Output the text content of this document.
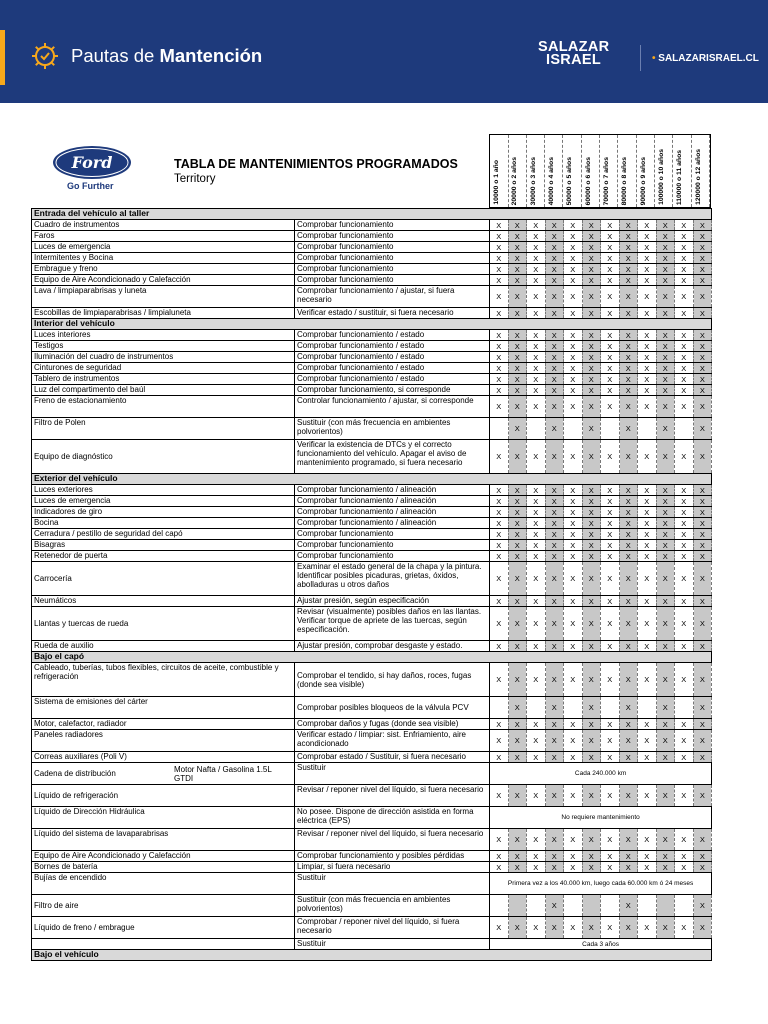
Pautas de Mantención	SALAZAR
ISRAEL	• SALAZARISRAEL.CL
Ford
Go Further
TABLA DE MANTENIMIENTOS PROGRAMADOS
Territory	10000 o 1 año 20000 o 2 años 30000 o 3 años 40000 o 4 años 50000 o 5 años 60000 o 6 años 70000 o 7 años 80000 o 8 años 90000 o 9 años 100000 o 10 años 110000 o 11 años 120000 o 12 años
Entrada del vehículo al taller													
Cuadro de instrumentos	Comprobar funcionamiento	X	X	X	X	X	X	X	X	X	X	X	X
Faros	Comprobar funcionamiento	X	X	X	X	X	X	X	X	X	X	X	X
Luces de emergencia	Comprobar funcionamiento	X	X	X	X	X	X	X	X	X	X	X	X
Intermitentes y Bocina	Comprobar funcionamiento	X	X	X	X	X	X	X	X	X	X	X	X
Embrague y freno	Comprobar funcionamiento	X	X	X	X	X	X	X	X	X	X	X	X
Equipo de Aire Acondicionado y Calefacción	Comprobar funcionamiento	X	X	X	X	X	X	X	X	X	X	X	X
Lava / limpiaparabrisas y luneta	Comprobar funcionamiento / ajustar, si fuera necesario	X	X	X	X	X	X	X	X	X	X	X	X
Escobillas de limpiaparabrisas / limpialuneta	Verificar estado / sustituir, si fuera necesario	X	X	X	X	X	X	X	X	X	X	X	X
Interior del vehículo													
Luces interiores	Comprobar funcionamiento / estado	X	X	X	X	X	X	X	X	X	X	X	X
Testigos	Comprobar funcionamiento / estado	X	X	X	X	X	X	X	X	X	X	X	X
Iluminación del cuadro de instrumentos	Comprobar funcionamiento / estado	X	X	X	X	X	X	X	X	X	X	X	X
Cinturones de seguridad	Comprobar funcionamiento / estado	X	X	X	X	X	X	X	X	X	X	X	X
Tablero de instrumentos	Comprobar funcionamiento / estado	X	X	X	X	X	X	X	X	X	X	X	X
Luz del compartimento del baúl	Comprobar funcionamiento, si corresponde	X	X	X	X	X	X	X	X	X	X	X	X
Freno de estacionamiento	Controlar funcionamiento / ajustar, si corresponde	X	X	X	X	X	X	X	X	X	X	X	X
Filtro de Polen	Sustituir (con más frecuencia en ambientes polvorientos)		X		X		X		X		X		X
Equipo de diagnóstico	Verificar la existencia de DTCs y el correcto funcionamiento del vehículo. Apagar el aviso de mantenimiento programado, si fuera necesario	X	X	X	X	X	X	X	X	X	X	X	X
Exterior del vehículo													
Luces exteriores	Comprobar funcionamiento / alineación	X	X	X	X	X	X	X	X	X	X	X	X
Luces de emergencia	Comprobar funcionamiento / alineación	X	X	X	X	X	X	X	X	X	X	X	X
Indicadores de giro	Comprobar funcionamiento / alineación	X	X	X	X	X	X	X	X	X	X	X	X
Bocina	Comprobar funcionamiento / alineación	X	X	X	X	X	X	X	X	X	X	X	X
Cerradura / pestillo de seguridad del capó	Comprobar funcionamiento	X	X	X	X	X	X	X	X	X	X	X	X
Bisagras	Comprobar funcionamiento	X	X	X	X	X	X	X	X	X	X	X	X
Retenedor de puerta	Comprobar funcionamiento	X	X	X	X	X	X	X	X	X	X	X	X
Carrocería	Examinar el estado general de la chapa y la pintura. Identificar posibles picaduras, grietas, óxidos, abolladuras u otros daños	X	X	X	X	X	X	X	X	X	X	X	X
Neumáticos	Ajustar presión, según especificación	X	X	X	X	X	X	X	X	X	X	X	X
Llantas y tuercas de rueda	Revisar (visualmente) posibles daños en las llantas. Verificar torque de apriete de las tuercas, según especificación.	X	X	X	X	X	X	X	X	X	X	X	X
Rueda de auxilio	Ajustar presión, comprobar desgaste y estado.	X	X	X	X	X	X	X	X	X	X	X	X
Bajo el capó													
Cableado, tuberías, tubos flexibles, circuitos de aceite, combustible y refrigeración	Comprobar el tendido, si hay daños, roces, fugas (donde sea visible)	X	X	X	X	X	X	X	X	X	X	X	X
Sistema de emisiones del cárter	Comprobar posibles bloqueos de la válvula PCV		X		X		X		X		X		X
Motor, calefactor, radiador	Comprobar daños y fugas (donde sea visible)	X	X	X	X	X	X	X	X	X	X	X	X
Paneles radiadores	Verificar estado / limpiar: sist. Enfriamiento, aire acondicionado	X	X	X	X	X	X	X	X	X	X	X	X
Correas auxiliares (Poli V)	Comprobar estado / Sustituir, si fuera necesario	X	X	X	X	X	X	X	X	X	X	X	X
Cadena de distribución Motor Nafta / Gasolina 1.5L GTDI	Sustituir	Cada 240.000 km											
Líquido de refrigeración	Revisar / reponer nivel del líquido, si fuera necesario	X	X	X	X	X	X	X	X	X	X	X	X
Líquido de Dirección Hidráulica	No posee. Dispone de dirección asistida en forma eléctrica (EPS)	No requiere mantenimiento											
Líquido del sistema de lavaparabrisas	Revisar / reponer nivel del líquido, si fuera necesario	X	X	X	X	X	X	X	X	X	X	X	X
Equipo de Aire Acondicionado y Calefacción	Comprobar funcionamiento y posibles pérdidas	X	X	X	X	X	X	X	X	X	X	X	X
Bornes de batería	Limpiar, si fuera necesario	X	X	X	X	X	X	X	X	X	X	X	X
Bujías de encendido	Sustituir	Primera vez a los 40.000 km, luego cada 60.000 km ó 24 meses											
Filtro de aire	Sustituir (con más frecuencia en ambientes polvorientos)				X				X				X
Líquido de freno / embrague	Comprobar / reponer nivel del líquido, si fuera necesario	X	X	X	X	X	X	X	X	X	X	X	X
	Sustituir	Cada 3 años											
Bajo el vehículo													
